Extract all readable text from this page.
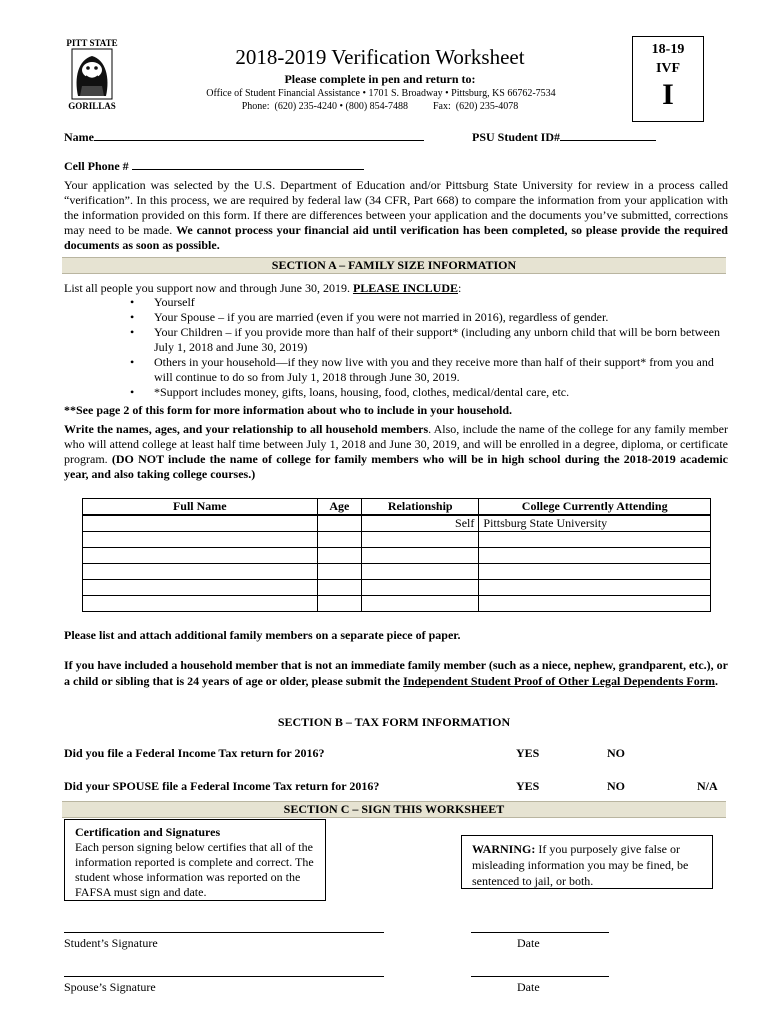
PITT STATE
GORILLAS
2018-2019 Verification Worksheet
Please complete in pen and return to:
Office of Student Financial Assistance • 1701 S. Broadway • Pittsburg, KS 66762-7534
Phone:  (620) 235-4240 • (800) 854-7488          Fax:  (620) 235-4078
18-19
IVF
I
Name	PSU Student ID#
Cell Phone #
Your application was selected by the U.S. Department of Education and/or Pittsburg State University for review in a process called “verification”. In this process, we are required by federal law (34 CFR, Part 668) to compare the information from your application with the information provided on this form. If there are differences between your application and the documents you’ve submitted, corrections may need to be made. We cannot process your financial aid until verification has been completed, so please provide the required documents as soon as possible.
SECTION A – FAMILY SIZE INFORMATION
List all people you support now and through June 30, 2019. PLEASE INCLUDE:
• Yourself
• Your Spouse – if you are married (even if you were not married in 2016), regardless of gender.
• Your Children – if you provide more than half of their support* (including any unborn child that will be born between July 1, 2018 and June 30, 2019)
• Others in your household—if they now live with you and they receive more than half of their support* from you and will continue to do so from July 1, 2018 through June 30, 2019.
• *Support includes money, gifts, loans, housing, food, clothes, medical/dental care, etc.
**See page 2 of this form for more information about who to include in your household.
Write the names, ages, and your relationship to all household members. Also, include the name of the college for any family member who will attend college at least half time between July 1, 2018 and June 30, 2019, and will be enrolled in a degree, diploma, or certificate program. (DO NOT include the name of college for family members who will be in high school during the 2018-2019 academic year, and also taking college courses.)
Full Name	Age	Relationship	College Currently Attending
		Self	Pittsburg State University

Please list and attach additional family members on a separate piece of paper.
If you have included a household member that is not an immediate family member (such as a niece, nephew, grandparent, etc.), or a child or sibling that is 24 years of age or older, please submit the Independent Student Proof of Other Legal Dependents Form.
SECTION B – TAX FORM INFORMATION
Did you file a Federal Income Tax return for 2016?	YES	NO
Did your SPOUSE file a Federal Income Tax return for 2016?	YES	NO	N/A
SECTION C – SIGN THIS WORKSHEET
Certification and Signatures
Each person signing below certifies that all of the information reported is complete and correct. The student whose information was reported on the FAFSA must sign and date.
WARNING: If you purposely give false or misleading information you may be fined, be sentenced to jail, or both.
Student’s Signature	Date
Spouse’s Signature	Date
